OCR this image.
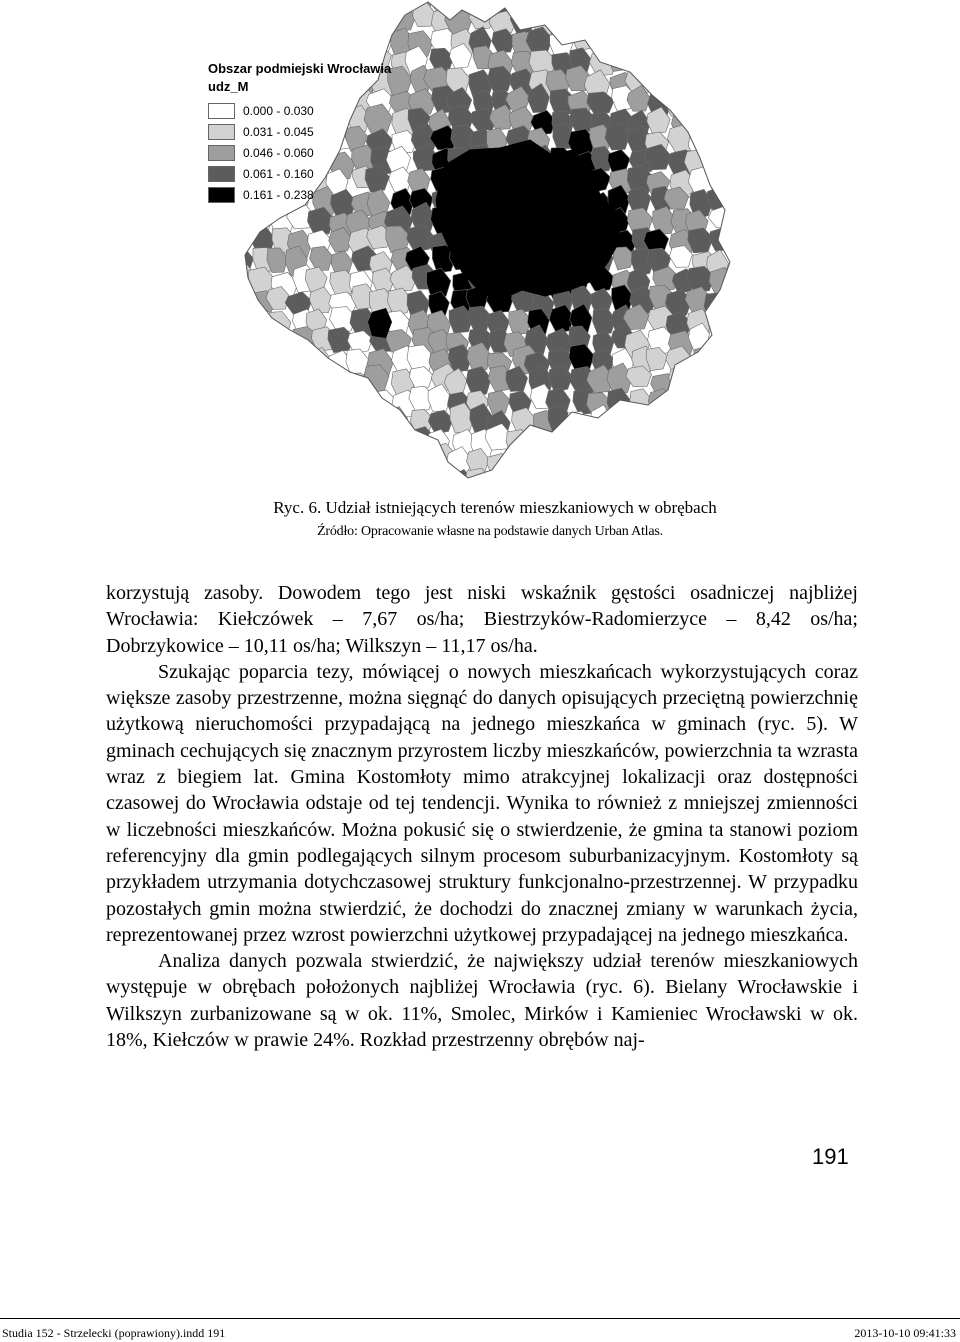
Obszar podmiejski Wrocławia
udz_M
0.000 - 0.030
0.031 - 0.045
0.046 - 0.060
0.061 - 0.160
0.161 - 0.238
Ryc. 6. Udział istniejących terenów mieszkaniowych w obrębach
Źródło: Opracowanie własne na podstawie danych Urban Atlas.

korzystują zasoby. Dowodem tego jest niski wskaźnik gęstości osadniczej najbliżej Wrocławia: Kiełczówek – 7,67 os/ha; Biestrzyków-Radomierzyce – 8,42 os/ha; Dobrzykowice – 10,11 os/ha; Wilkszyn – 11,17 os/ha.

Szukając poparcia tezy, mówiącej o nowych mieszkańcach wykorzystujących coraz większe zasoby przestrzenne, można sięgnąć do danych opisujących przeciętną powierzchnię użytkową nieruchomości przypadającą na jednego mieszkańca w gminach (ryc. 5). W gminach cechujących się znacznym przyrostem liczby mieszkańców, powierzchnia ta wzrasta wraz z biegiem lat. Gmina Kostomłoty mimo atrakcyjnej lokalizacji oraz dostępności czasowej do Wrocławia odstaje od tej tendencji. Wynika to również z mniejszej zmienności w liczebności mieszkańców. Można pokusić się o stwierdzenie, że gmina ta stanowi poziom referencyjny dla gmin podlegających silnym procesom suburbanizacyjnym. Kostomłoty są przykładem utrzymania dotychczasowej struktury funkcjonalno-przestrzennej. W przypadku pozostałych gmin można stwierdzić, że dochodzi do znacznej zmiany w warunkach życia, reprezentowanej przez wzrost powierzchni użytkowej przypadającej na jednego mieszkańca.

Analiza danych pozwala stwierdzić, że największy udział terenów mieszkaniowych występuje w obrębach położonych najbliżej Wrocławia (ryc. 6). Bielany Wrocławskie i Wilkszyn zurbanizowane są w ok. 11%, Smolec, Mirków i Kamieniec Wrocławski w ok. 18%, Kiełczów w prawie 24%. Rozkład przestrzenny obrębów naj-

191
Studia 152 - Strzelecki (poprawiony).indd 191	2013-10-10 09:41:33
